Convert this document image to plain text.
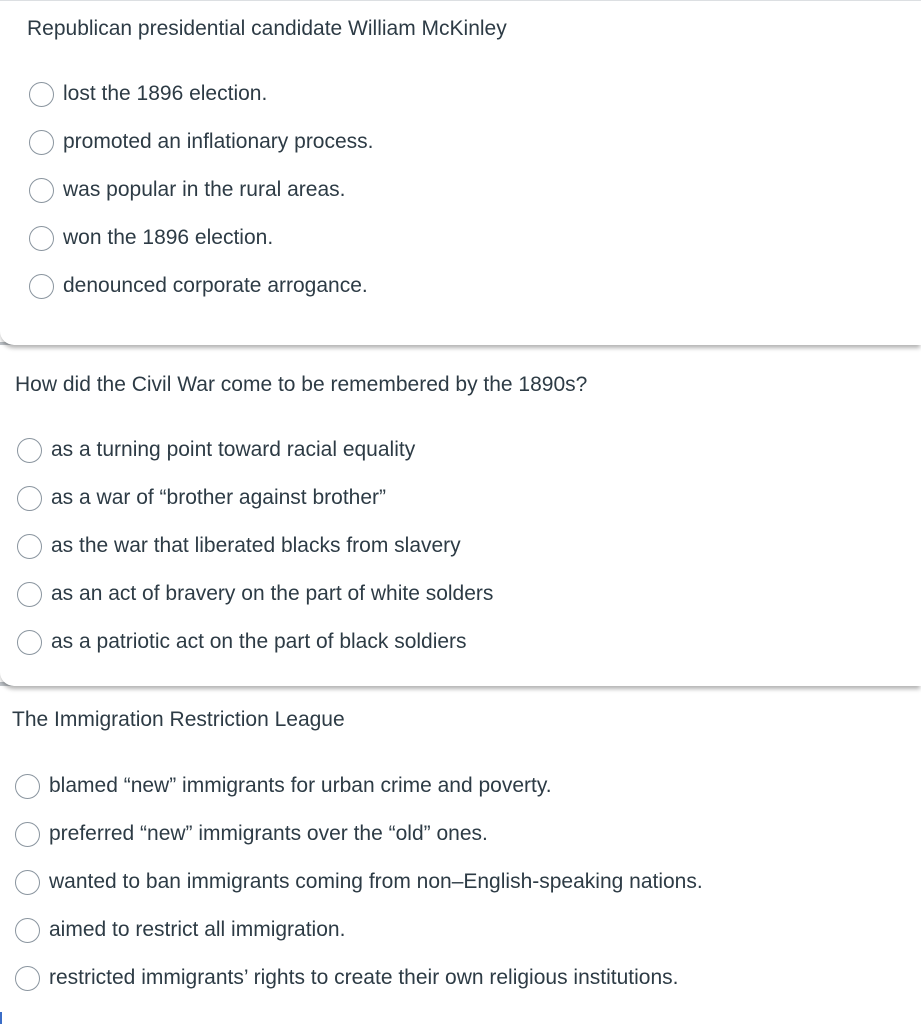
Republican presidential candidate William McKinley
lost the 1896 election.
promoted an inflationary process.
was popular in the rural areas.
won the 1896 election.
denounced corporate arrogance.
How did the Civil War come to be remembered by the 1890s?
as a turning point toward racial equality
as a war of “brother against brother”
as the war that liberated blacks from slavery
as an act of bravery on the part of white solders
as a patriotic act on the part of black soldiers
The Immigration Restriction League
blamed “new” immigrants for urban crime and poverty.
preferred “new” immigrants over the “old” ones.
wanted to ban immigrants coming from non–English-speaking nations.
aimed to restrict all immigration.
restricted immigrants’ rights to create their own religious institutions.
